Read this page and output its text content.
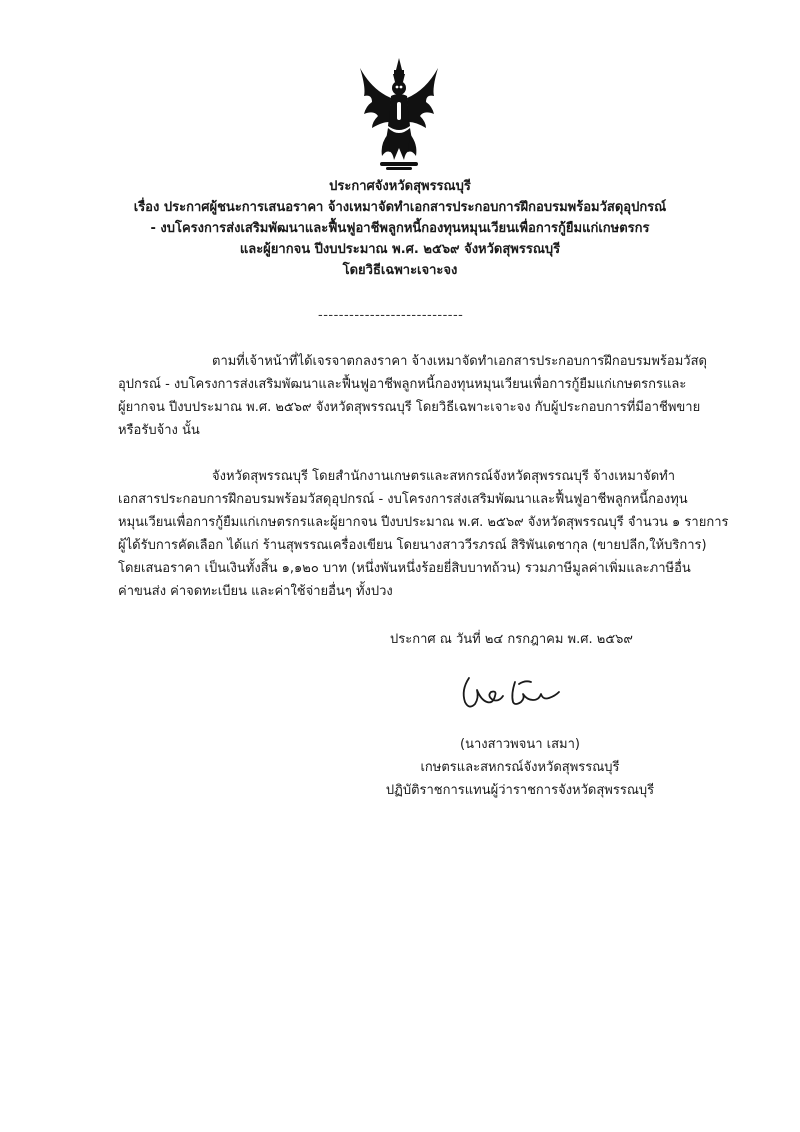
ประกาศจังหวัดสุพรรณบุรี
เรื่อง ประกาศผู้ชนะการเสนอราคา จ้างเหมาจัดทำเอกสารประกอบการฝึกอบรมพร้อมวัสดุอุปกรณ์
- งบโครงการส่งเสริมพัฒนาและฟื้นฟูอาชีพลูกหนี้กองทุนหมุนเวียนเพื่อการกู้ยืมแก่เกษตรกร
และผู้ยากจน ปีงบประมาณ พ.ศ. ๒๕๖๙ จังหวัดสุพรรณบุรี
โดยวิธีเฉพาะเจาะจง
----------------------------
ตามที่เจ้าหน้าที่ได้เจรจาตกลงราคา จ้างเหมาจัดทำเอกสารประกอบการฝึกอบรมพร้อมวัสดุ
อุปกรณ์ - งบโครงการส่งเสริมพัฒนาและฟื้นฟูอาชีพลูกหนี้กองทุนหมุนเวียนเพื่อการกู้ยืมแก่เกษตรกรและ
ผู้ยากจน ปีงบประมาณ พ.ศ. ๒๕๖๙ จังหวัดสุพรรณบุรี โดยวิธีเฉพาะเจาะจง กับผู้ประกอบการที่มีอาชีพขาย
หรือรับจ้าง นั้น
จังหวัดสุพรรณบุรี โดยสำนักงานเกษตรและสหกรณ์จังหวัดสุพรรณบุรี จ้างเหมาจัดทำ
เอกสารประกอบการฝึกอบรมพร้อมวัสดุอุปกรณ์ - งบโครงการส่งเสริมพัฒนาและฟื้นฟูอาชีพลูกหนี้กองทุน
หมุนเวียนเพื่อการกู้ยืมแก่เกษตรกรและผู้ยากจน ปีงบประมาณ พ.ศ. ๒๕๖๙ จังหวัดสุพรรณบุรี จำนวน ๑ รายการ
ผู้ได้รับการคัดเลือก ได้แก่ ร้านสุพรรณเครื่องเขียน โดยนางสาววีรภรณ์ สิริพันเดชากุล (ขายปลีก,ให้บริการ)
โดยเสนอราคา เป็นเงินทั้งสิ้น ๑,๑๒๐ บาท (หนึ่งพันหนึ่งร้อยยี่สิบบาทถ้วน) รวมภาษีมูลค่าเพิ่มและภาษีอื่น
ค่าขนส่ง ค่าจดทะเบียน และค่าใช้จ่ายอื่นๆ ทั้งปวง
ประกาศ ณ วันที่ ๒๔ กรกฎาคม พ.ศ. ๒๕๖๙
(นางสาวพจนา เสมา)
เกษตรและสหกรณ์จังหวัดสุพรรณบุรี
ปฏิบัติราชการแทนผู้ว่าราชการจังหวัดสุพรรณบุรี
